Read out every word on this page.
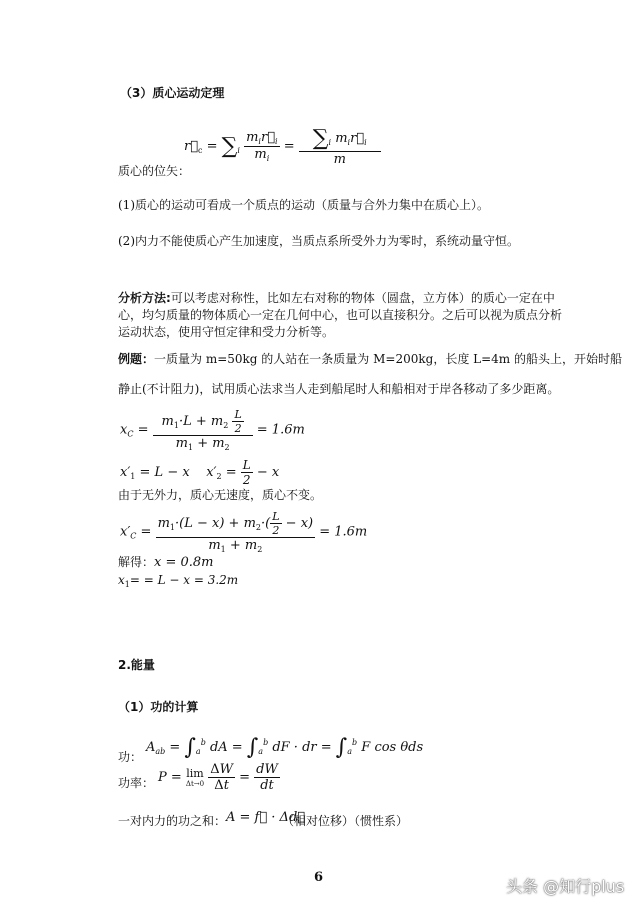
（3）质心运动定理
$r⃗_c = \sum_i \frac{m_ir⃗_i}{m_i} = \frac{\sum_i m_ir⃗_i}{m}$
质心的位矢：
(1)质心的运动可看成一个质点的运动（质量与合外力集中在质心上）。
(2)内力不能使质心产生加速度，当质点系所受外力为零时，系统动量守恒。
分析方法:可以考虑对称性，比如左右对称的物体（圆盘，立方体）的质心一定在中
心，均匀质量的物体质心一定在几何中心，也可以直接积分。之后可以视为质点分析
运动状态，使用守恒定律和受力分析等。
例题：一质量为 m=50kg 的人站在一条质量为 M=200kg，长度 L=4m 的船头上，开始时船
静止(不计阻力)，试用质心法求当人走到船尾时人和船相对于岸各移动了多少距离。
$x_C = \frac{m_1\cdot L + m_2 \frac{L}{2}}{m_1 + m_2} = 1.6m$
$x'_1 = L - x$    $x'_2 = \frac{L}{2} - x$
由于无外力，质心无速度，质心不变。
$x'_C = \frac{m_1\cdot(L - x) + m_2\cdot( \frac{L}{2} - x)}{m_1 + m_2} = 1.6m$
解得：x = 0.8m
$x_1= = L - x = 3.2m$
2.能量
（1）功的计算
功：
$A_{ab} = \int_a^b$ dA = $\int_a^b$ dF · dr = $\int_a^b$ F cos θds
功率： P = lim
Δt→0
$\frac{\Delta W}{\Delta t} = \frac{dW}{dt}$
一对内力的功之和： A = f⃗ · Δd⃗
（相对位移）（惯性系）
6	头条 @知行plus
